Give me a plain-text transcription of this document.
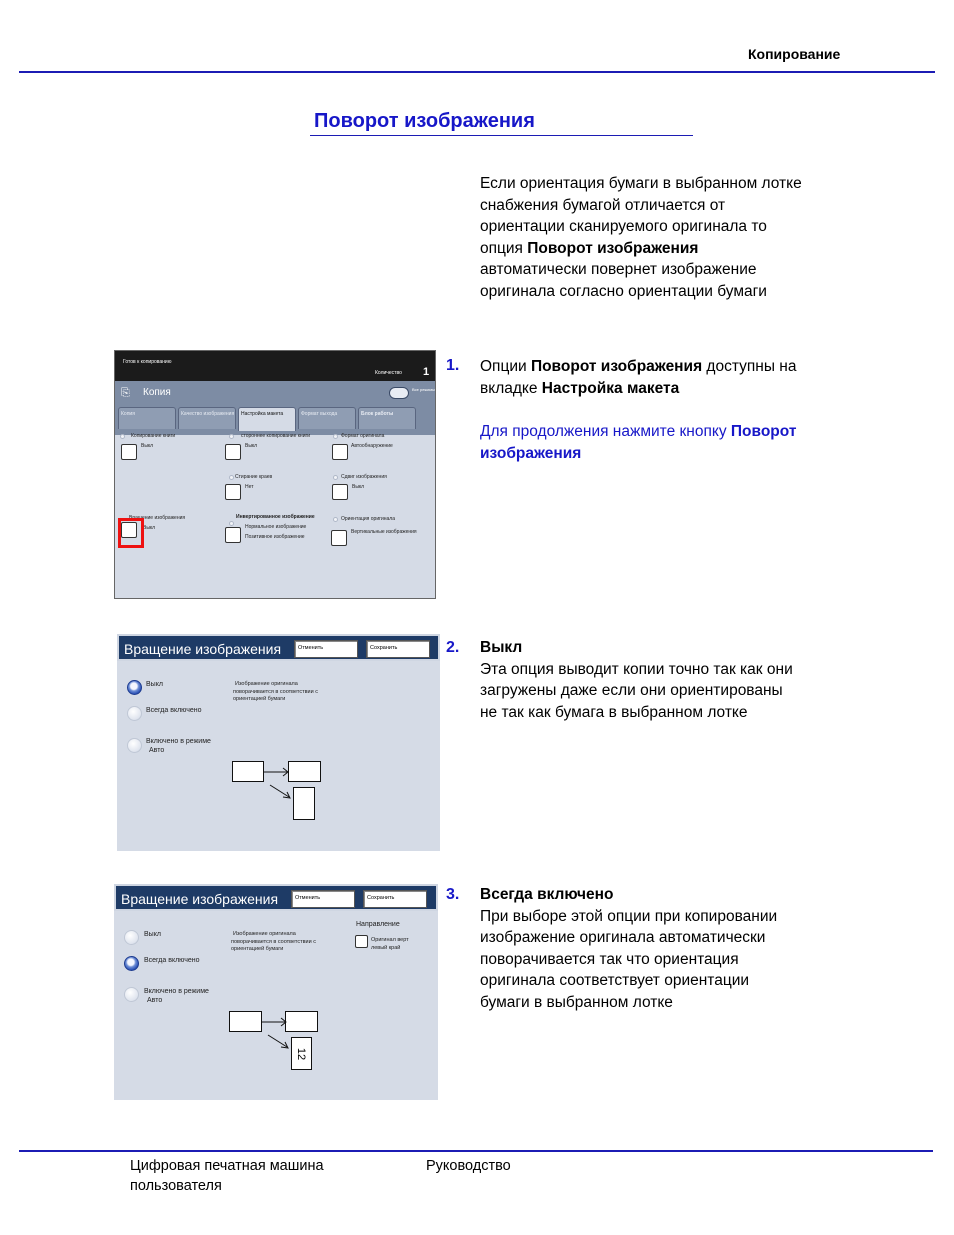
Копирование
Поворот изображения
Если ориентация бумаги в выбранном лотке
снабжения бумагой отличается от
ориентации сканируемого оригинала то
опция Поворот изображения
автоматически повернет изображение
оригинала согласно ориентации бумаги
1. Опции Поворот изображения доступны на
вкладке Настройка макета
Для продолжения нажмите кнопку Поворот
изображения
Готов к копированию
Количество 1
⎘ Копия	Все режимы
Копия	Качество изображения	Настройка макета	Формат выхода	Блок работы
Копирование книги
Выкл
Вращение изображения
Выкл
стороннее копирование книги
Выкл
Стирание краев
Нет
Инвертированное изображение
Нормальное изображение
Позитивное изображение
Формат оригинала
Автообнаружение
Сдвиг изображения
Выкл
Ориентация оригинала
Вертикальные изображения
2. Выкл
Эта опция выводит копии точно так как они
загружены даже если они ориентированы
не так как бумага в выбранном лотке
Вращение изображения	Отменить	Сохранить
Выкл
Всегда включено
Включено в режиме
Авто
Изображение оригинала
поворачивается в соответствии с
ориентацией бумаги
3. Всегда включено
При выборе этой опции при копировании
изображение оригинала автоматически
поворачивается так что ориентация
оригинала соответствует ориентации
бумаги в выбранном лотке
Вращение изображения	Отменить	Сохранить
Выкл
Всегда включено
Включено в режиме
Авто
Изображение оригинала
поворачивается в соответствии с
ориентацией бумаги
Направление
Оригинал верт
левый край
12
Цифровая печатная машина
пользователя
Руководство
